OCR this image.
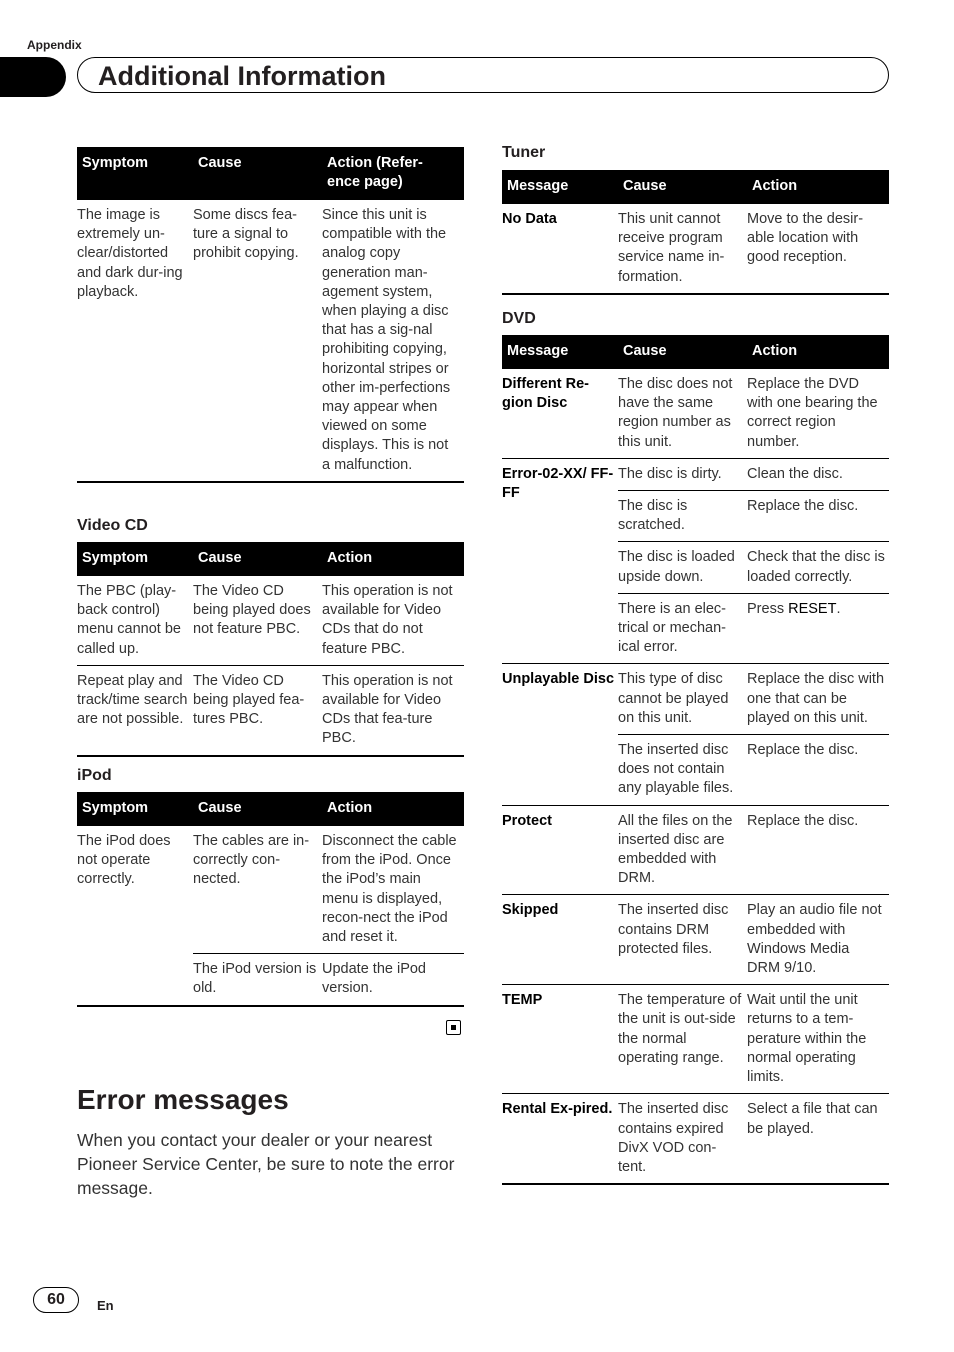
Appendix
Additional Information
Symptom	Cause	Action (Refer-
ence page)
The image is extremely un-clear/distorted and dark dur-ing playback.	Some discs fea-ture a signal to prohibit copying.	Since this unit is compatible with the analog copy generation man-agement system, when playing a disc that has a sig-nal prohibiting copying, horizontal stripes or other im-perfections may appear when viewed on some displays. This is not a malfunction.
Video CD
Symptom	Cause	Action
The PBC (play-back control) menu cannot be called up.	The Video CD being played does not feature PBC.	This operation is not available for Video CDs that do not feature PBC.
Repeat play and track/time search are not possible.	The Video CD being played fea-tures PBC.	This operation is not available for Video CDs that fea-ture PBC.
iPod
Symptom	Cause	Action
The iPod does not operate correctly.	The cables are in-correctly con-nected.	Disconnect the cable from the iPod. Once the iPod’s main menu is displayed, recon-nect the iPod and reset it.
	The iPod version is old.	Update the iPod version.
Error messages
When you contact your dealer or your nearest Pioneer Service Center, be sure to note the error message.
Tuner
Message	Cause	Action
No Data	This unit cannot receive program service name in-formation.	Move to the desir-able location with good reception.
DVD
Message	Cause	Action
Different Re-gion Disc	The disc does not have the same region number as this unit.	Replace the DVD with one bearing the correct region number.
Error-02-XX/ FF-FF	The disc is dirty.	Clean the disc.
	The disc is scratched.	Replace the disc.
	The disc is loaded upside down.	Check that the disc is loaded correctly.
	There is an elec-trical or mechan-ical error.	Press RESET.
Unplayable Disc	This type of disc cannot be played on this unit.	Replace the disc with one that can be played on this unit.
	The inserted disc does not contain any playable files.	Replace the disc.
Protect	All the files on the inserted disc are embedded with DRM.	Replace the disc.
Skipped	The inserted disc contains DRM protected files.	Play an audio file not embedded with Windows Media DRM 9/10.
TEMP	The temperature of the unit is out-side the normal operating range.	Wait until the unit returns to a tem-perature within the normal operating limits.
Rental Ex-pired.	The inserted disc contains expired DivX VOD con-tent.	Select a file that can be played.
60	En
